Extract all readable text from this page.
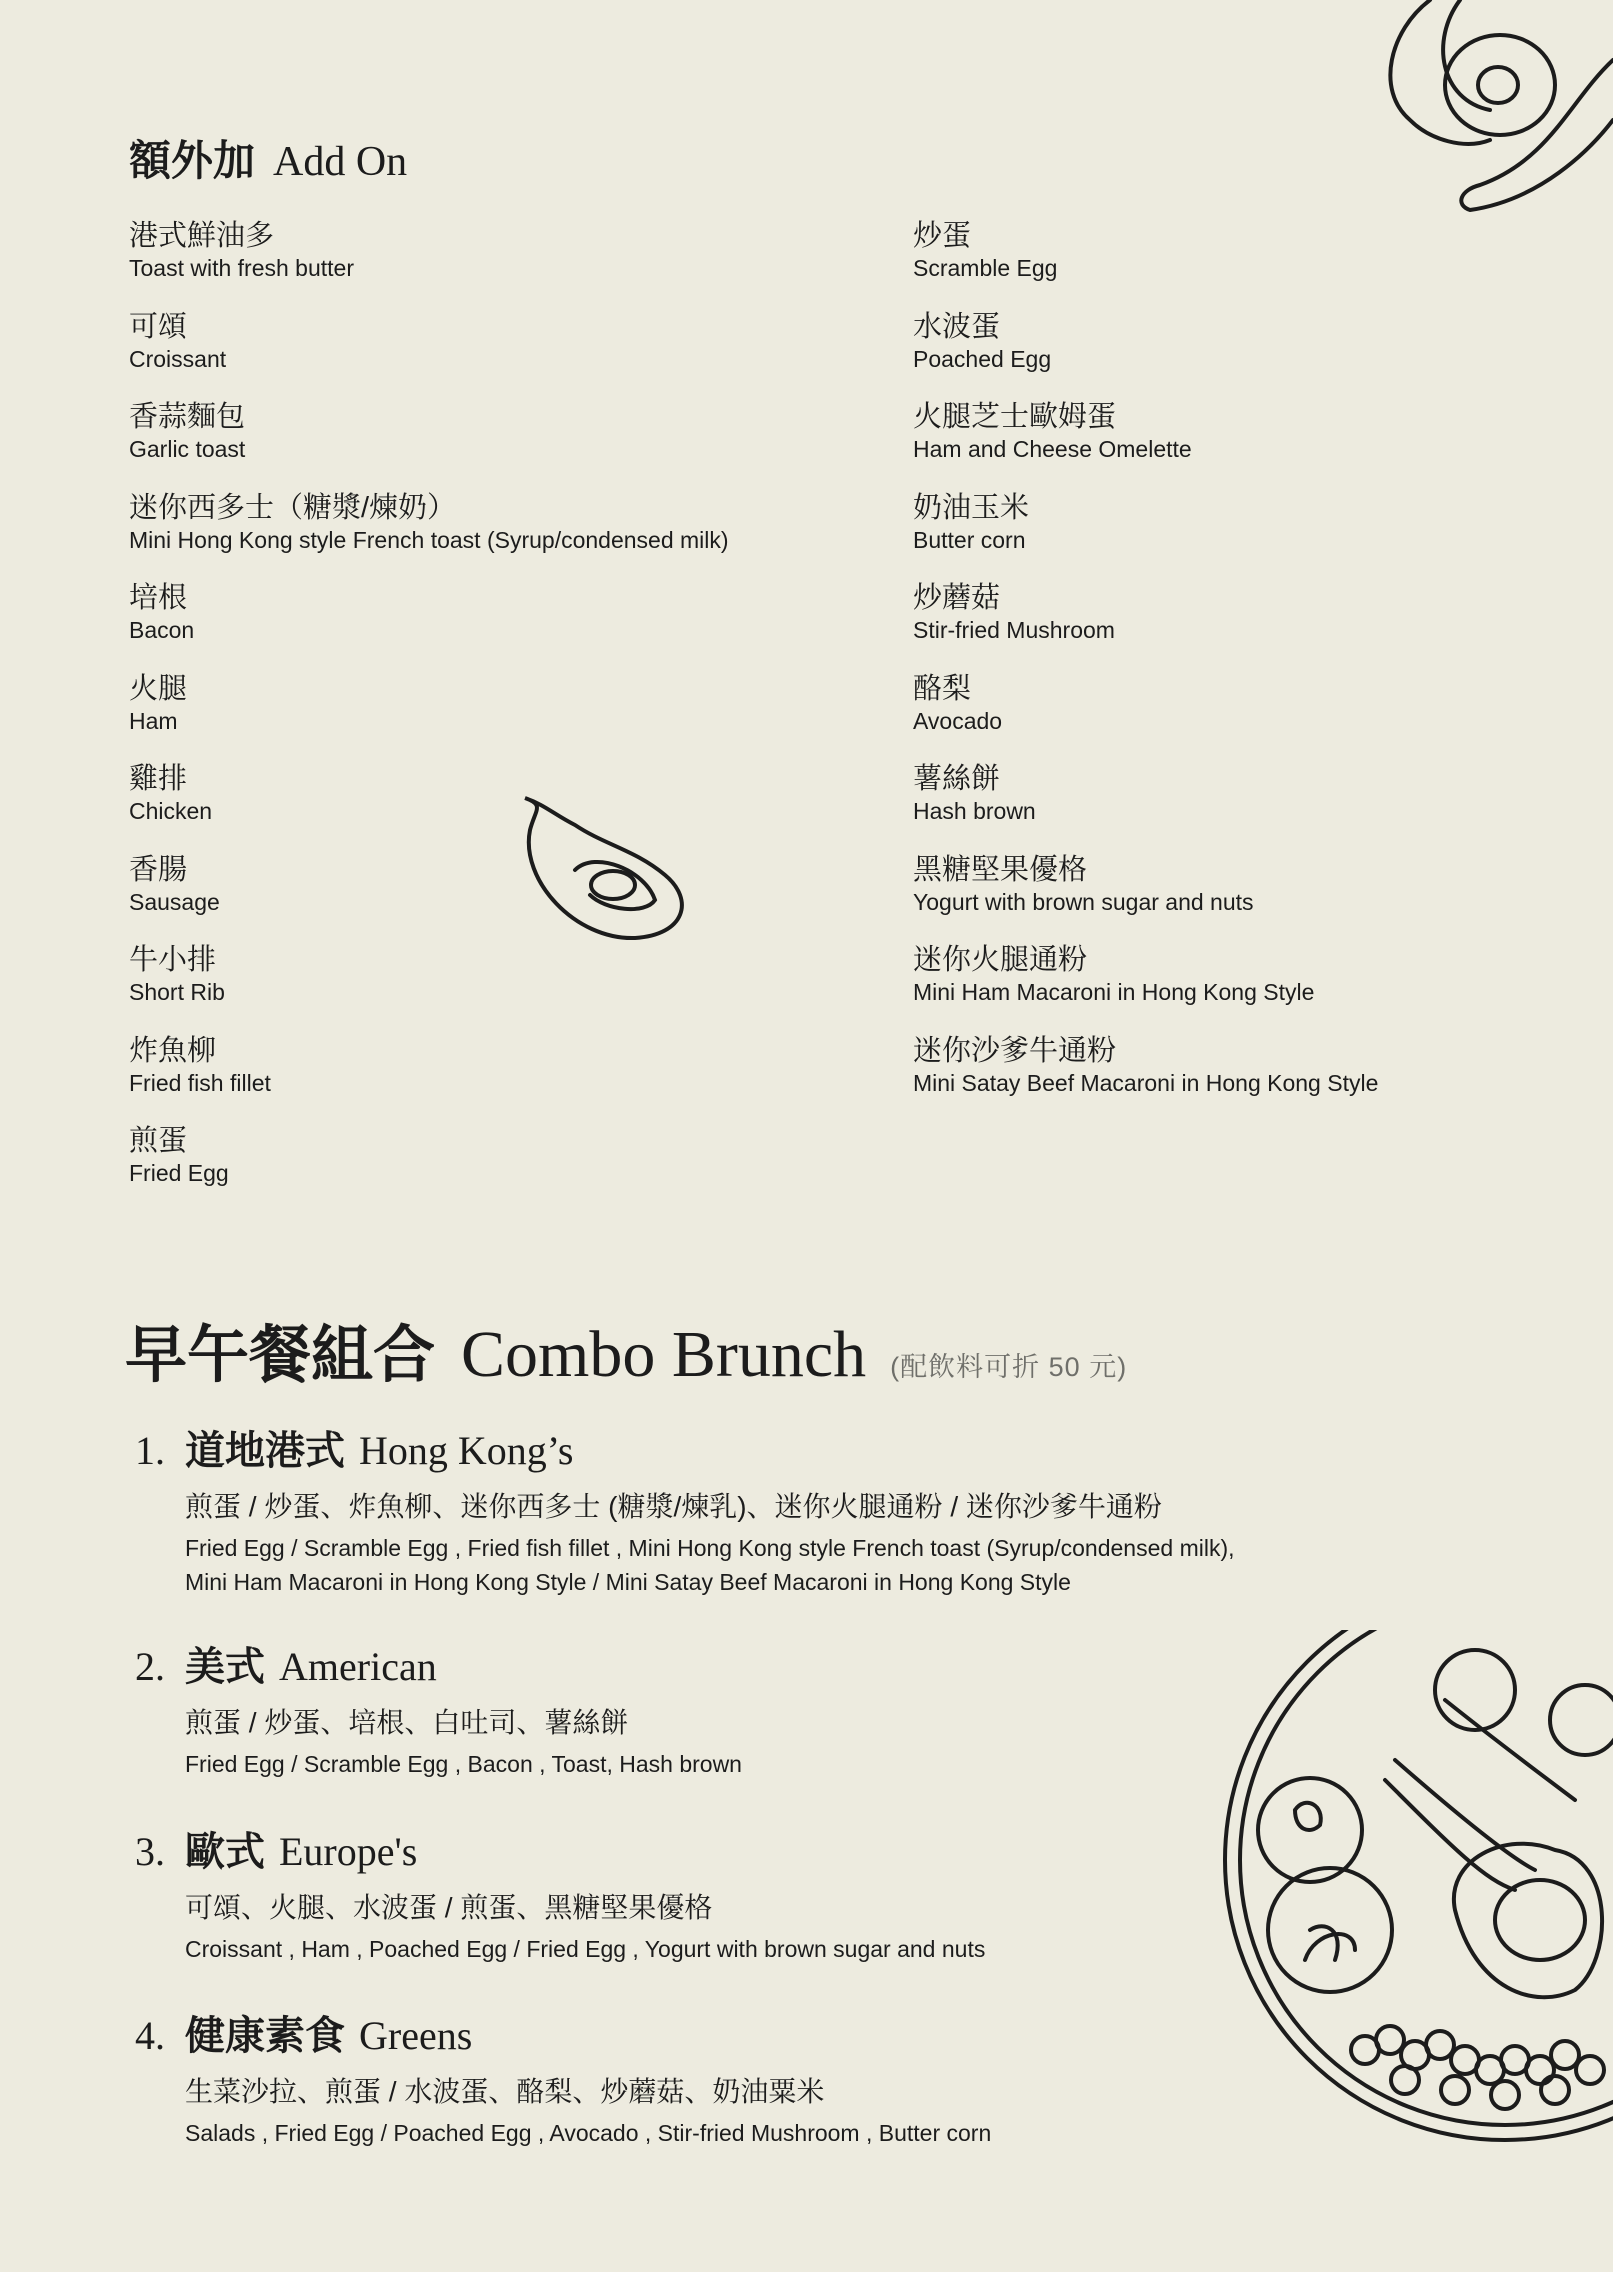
額外加 Add On
港式鮮油多
Toast with fresh butter
可頌
Croissant
香蒜麵包
Garlic toast
迷你西多士（糖漿/煉奶）
Mini Hong Kong style French toast (Syrup/condensed milk)
培根
Bacon
火腿
Ham
雞排
Chicken
香腸
Sausage
牛小排
Short Rib
炸魚柳
Fried fish fillet
煎蛋
Fried Egg
炒蛋
Scramble Egg
水波蛋
Poached Egg
火腿芝士歐姆蛋
Ham and Cheese Omelette
奶油玉米
Butter corn
炒蘑菇
Stir-fried Mushroom
酪梨
Avocado
薯絲餅
Hash brown
黑糖堅果優格
Yogurt with brown sugar and nuts
迷你火腿通粉
Mini Ham Macaroni in Hong Kong Style
迷你沙爹牛通粉
Mini Satay Beef Macaroni in Hong Kong Style
早午餐組合 Combo Brunch (配飲料可折 50 元)
1. 道地港式 Hong Kong’s
煎蛋 / 炒蛋、炸魚柳、迷你西多士 (糖漿/煉乳)、迷你火腿通粉 / 迷你沙爹牛通粉
Fried Egg / Scramble Egg , Fried fish fillet , Mini Hong Kong style French toast (Syrup/condensed milk),
Mini Ham Macaroni in Hong Kong Style / Mini Satay Beef Macaroni in Hong Kong Style
2. 美式 American
煎蛋 / 炒蛋、培根、白吐司、薯絲餅
Fried Egg / Scramble Egg , Bacon , Toast, Hash brown
3. 歐式 Europe's
可頌、火腿、水波蛋 / 煎蛋、黑糖堅果優格
Croissant , Ham , Poached Egg / Fried Egg , Yogurt with brown sugar and nuts
4. 健康素食 Greens
生菜沙拉、煎蛋 / 水波蛋、酪梨、炒蘑菇、奶油粟米
Salads , Fried Egg / Poached Egg , Avocado , Stir-fried Mushroom , Butter corn
